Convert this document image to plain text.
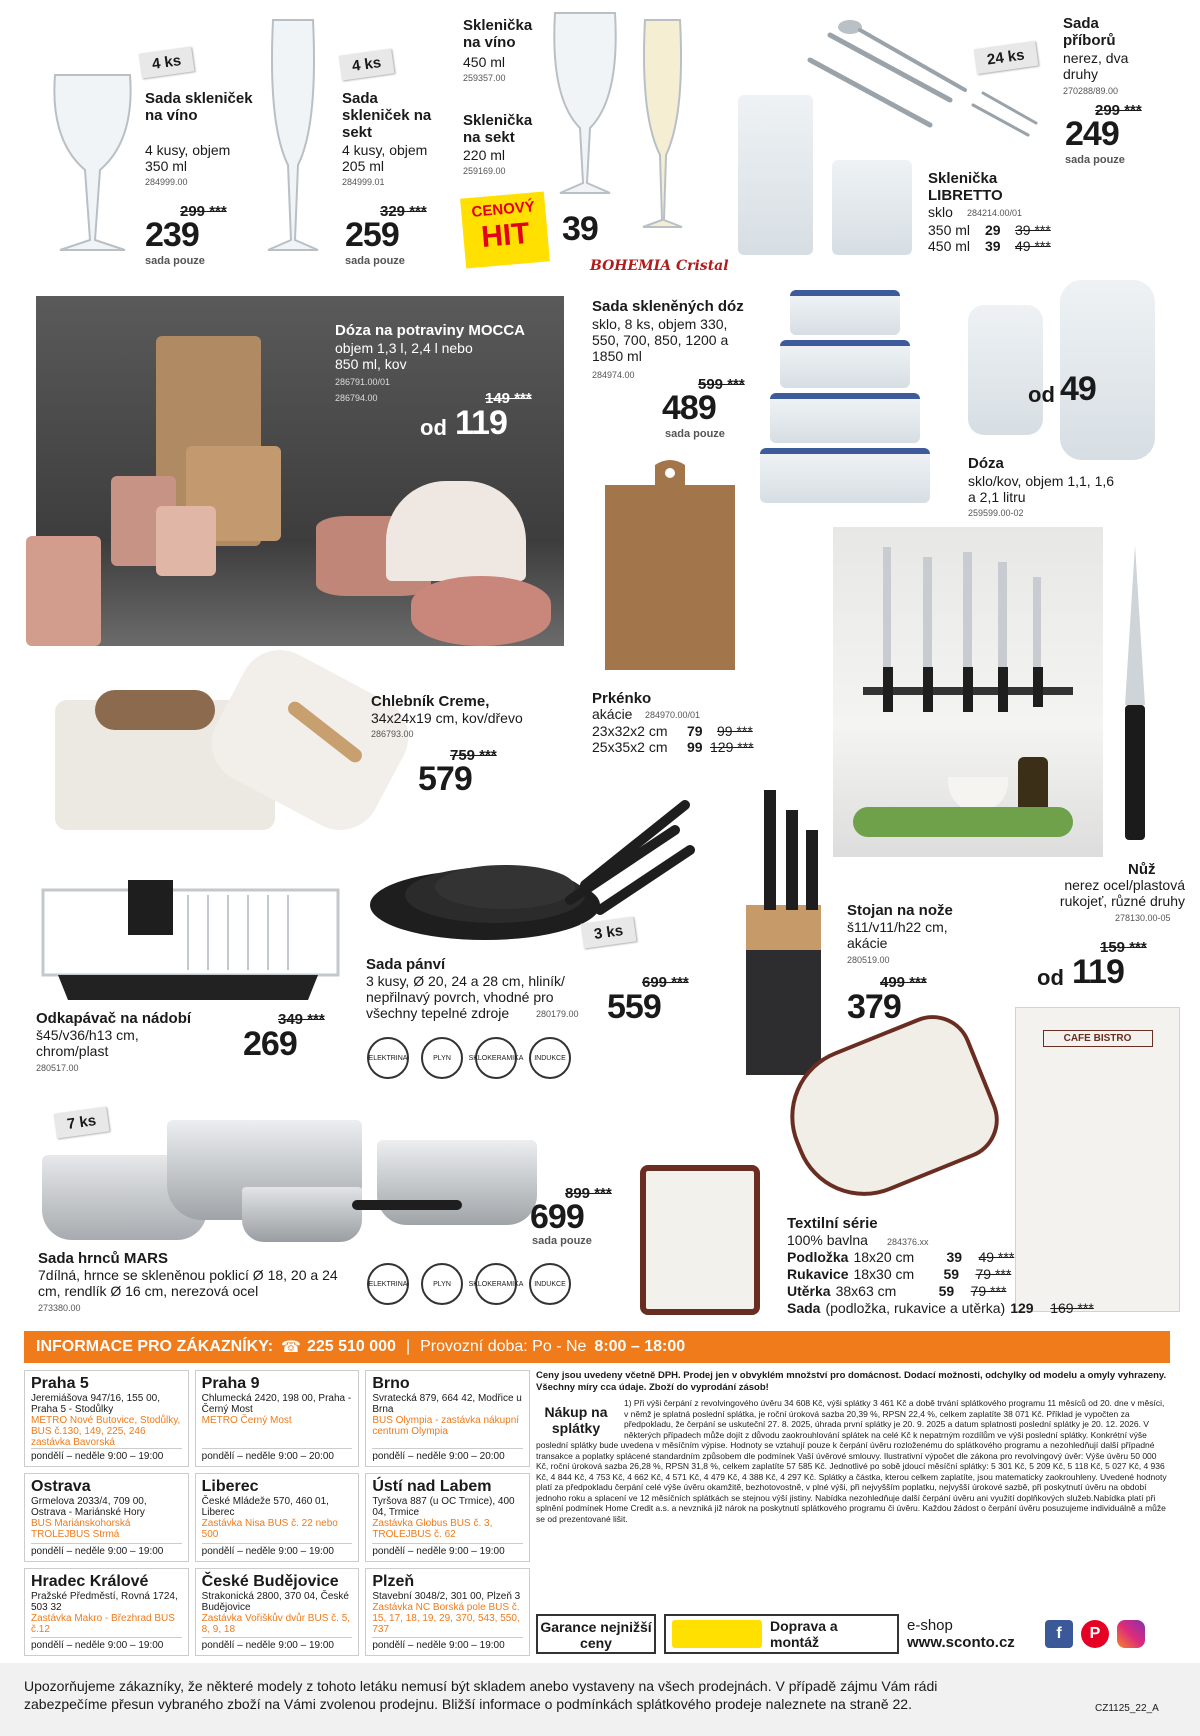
4 ks
Sada skleniček na víno
4 kusy, objem 350 ml
284999.00
299 ***
239
sada pouze
4 ks
Sada skleniček na sekt
4 kusy, objem 205 ml
284999.01
329 ***
259
sada pouze
Sklenička na víno
450 ml
259357.00
Sklenička na sekt
220 ml
259169.00
CENOVÝ
HIT 39
BOHEMIA Cristal
Sklenička LIBRETTO
sklo 284214.00/01
350 ml 29 39 ***
450 ml 39 49 ***
24 ks
Sada příborů
nerez, dva druhy
270288/89.00
299 ***
249
sada pouze
Dóza na potraviny MOCCA
objem 1,3 l, 2,4 l nebo 850 ml, kov
286791.00/01
286794.00	149 ***
od 119
Sada skleněných dóz
sklo, 8 ks, objem 330, 550, 700, 850, 1200 a 1850 ml
284974.00
599 ***
489
sada pouze
od 49
Dóza
sklo/kov, objem 1,1, 1,6 a 2,1 litru
259599.00-02
Prkénko
akácie 284970.00/01
23x32x2 cm 79 99 ***
25x35x2 cm 99 129 ***
Chlebník Creme,
34x24x19 cm, kov/dřevo
286793.00
759 ***
579
Nůž
nerez ocel/plastová rukojeť, různé druhy
278130.00-05
159 ***
od 119
Odkapávač na nádobí
š45/v36/h13 cm, chrom/plast
280517.00
349 ***
269
3 ks
Sada pánví
3 kusy, Ø 20, 24 a 28 cm, hliník/ nepřilnavý povrch, vhodné pro všechny tepelné zdroje	280179.00
699 ***
559
ELEKTRINA	PLYN	SKLOKERAMIKA	INDUKCE
Stojan na nože
š11/v11/h22 cm, akácie
280519.00
499 ***
379
7 ks
899 ***
699
sada pouze
Sada hrnců MARS
7dílná, hrnce se skleněnou poklicí Ø 18, 20 a 24 cm, rendlík Ø 16 cm, nerezová ocel
273380.00
ELEKTRINA	PLYN	SKLOKERAMIKA	INDUKCE
CAFE BISTRO
Textilní série
100% bavlna 284376.xx
Podložka 18x20 cm	39	49 ***
Rukavice 18x30 cm	59	79 ***
Utěrka 38x63 cm	59	79 ***
Sada (podložka, rukavice a utěrka) 129	169 ***
INFORMACE PRO ZÁKAZNÍKY: ☎ 225 510 000 | Provozní doba: Po - Ne 8:00 – 18:00
Praha 5
Jeremiášova 947/16, 155 00, Praha 5 - Stodůlky
METRO Nové Butovice, Stodůlky, BUS č.130, 149, 225, 246 zastávka Bavorská
pondělí – neděle 9:00 – 19:00
Praha 9
Chlumecká 2420, 198 00, Praha - Černý Most
METRO Černý Most
pondělí – neděle 9:00 – 20:00
Brno
Svratecká 879, 664 42, Modřice u Brna
BUS Olympia - zastávka nákupní centrum Olympia
pondělí – neděle 9:00 – 20:00
Ostrava
Grmelova 2033/4, 709 00, Ostrava - Mariánské Hory
BUS Mariánskohorská TROLEJBUS Strmá
pondělí – neděle 9:00 – 19:00
Liberec
České Mládeže 570, 460 01, Liberec
Zastávka Nisa BUS č. 22 nebo 500
pondělí – neděle 9:00 – 19:00
Ústí nad Labem
Tyršova 887 (u OC Trmice), 400 04, Trmice
Zastávka Globus BUS č. 3, TROLEJBUS č. 62
pondělí – neděle 9:00 – 19:00
Hradec Králové
Pražské Předměstí, Rovná 1724, 503 32
Zastávka Makro - Březhrad BUS č.12
pondělí – neděle 9:00 – 19:00
České Budějovice
Strakonická 2800, 370 04, České Budějovice
Zastávka Vořiškův dvůr BUS č. 5, 8, 9, 18
pondělí – neděle 9:00 – 19:00
Plzeň
Stavební 3048/2, 301 00, Plzeň 3
Zastávka NC Borská pole BUS č. 15, 17, 18, 19, 29, 370, 543, 550, 737
pondělí – neděle 9:00 – 19:00
Ceny jsou uvedeny včetně DPH. Prodej jen v obvyklém množství pro domácnost. Dodací možnosti, odchylky od modelu a omyly vyhrazeny. Všechny míry cca údaje. Zboží do vyprodání zásob!
Nákup na splátky
1) Při výši čerpání z revolvingového úvěru 34 608 Kč, výši splátky 3 461 Kč a době trvání splátkového programu 11 měsíců od 20. dne v měsíci, v němž je splatná poslední splátka, je roční úroková sazba 20,39 %, RPSN 22,4 %, celkem zaplatíte 38 071 Kč. Příklad je vypočten za předpokladu, že čerpání se uskuteční 27. 8. 2025, úhrada první splátky je 20. 9. 2025 a datum splatnosti poslední splátky je 20. 12. 2026. V některých případech může dojít z důvodu zaokrouhlování splátek na celé Kč k nepatrným rozdílům ve výši poslední splátky. Konkrétní výše poslední splátky bude uvedena v měsíčním výpise. Hodnoty se vztahují pouze k čerpání úvěru rozloženému do splátkového programu a nezohledňují další případné transakce a poplatky splácené standardním způsobem dle podmínek Vaší úvěrové smlouvy. Ilustrativní výpočet dle zákona pro revolvingový úvěr: Výše úvěru 50 000 Kč, roční úroková sazba 26,28 %, RPSN 31,8 %, celkem zaplatíte 57 585 Kč. Jednotlivé po sobě jdoucí měsíční splátky: 5 301 Kč, 5 209 Kč, 5 118 Kč, 5 027 Kč, 4 936 Kč, 4 844 Kč, 4 753 Kč, 4 662 Kč, 4 571 Kč, 4 479 Kč, 4 388 Kč, 4 297 Kč. Splátky a částka, kterou celkem zaplatíte, jsou matematicky zaokrouhleny. Uvedené hodnoty platí za předpokladu čerpání celé výše úvěru okamžitě, bezhotovostně, v plné výši, při nejvyšším poplatku, nejvyšší úrokové sazbě, při poskytnutí úvěru na období jednoho roku a splacení ve 12 měsíčních splátkách se stejnou výší jistiny. Nabídka nezohledňuje další čerpání úvěru ani využití doplňkových služeb.Nabídka platí při splnění podmínek Home Credit a.s. a nevzniká již nárok na poskytnutí splátkového programu či úvěru. Každou žádost o čerpání úvěru posuzujeme individuálně a může se od prezentované lišit.
Garance nejnižší ceny
Doprava a montáž
e-shop
www.sconto.cz
f	P
Upozorňujeme zákazníky, že některé modely z tohoto letáku nemusí být skladem anebo vystaveny na všech prodejnách. V případě zájmu Vám rádi zabezpečíme přesun vybraného zboží na Vámi zvolenou prodejnu. Bližší informace o podmínkách splátkového prodeje naleznete na straně 22.	CZ1125_22_A
